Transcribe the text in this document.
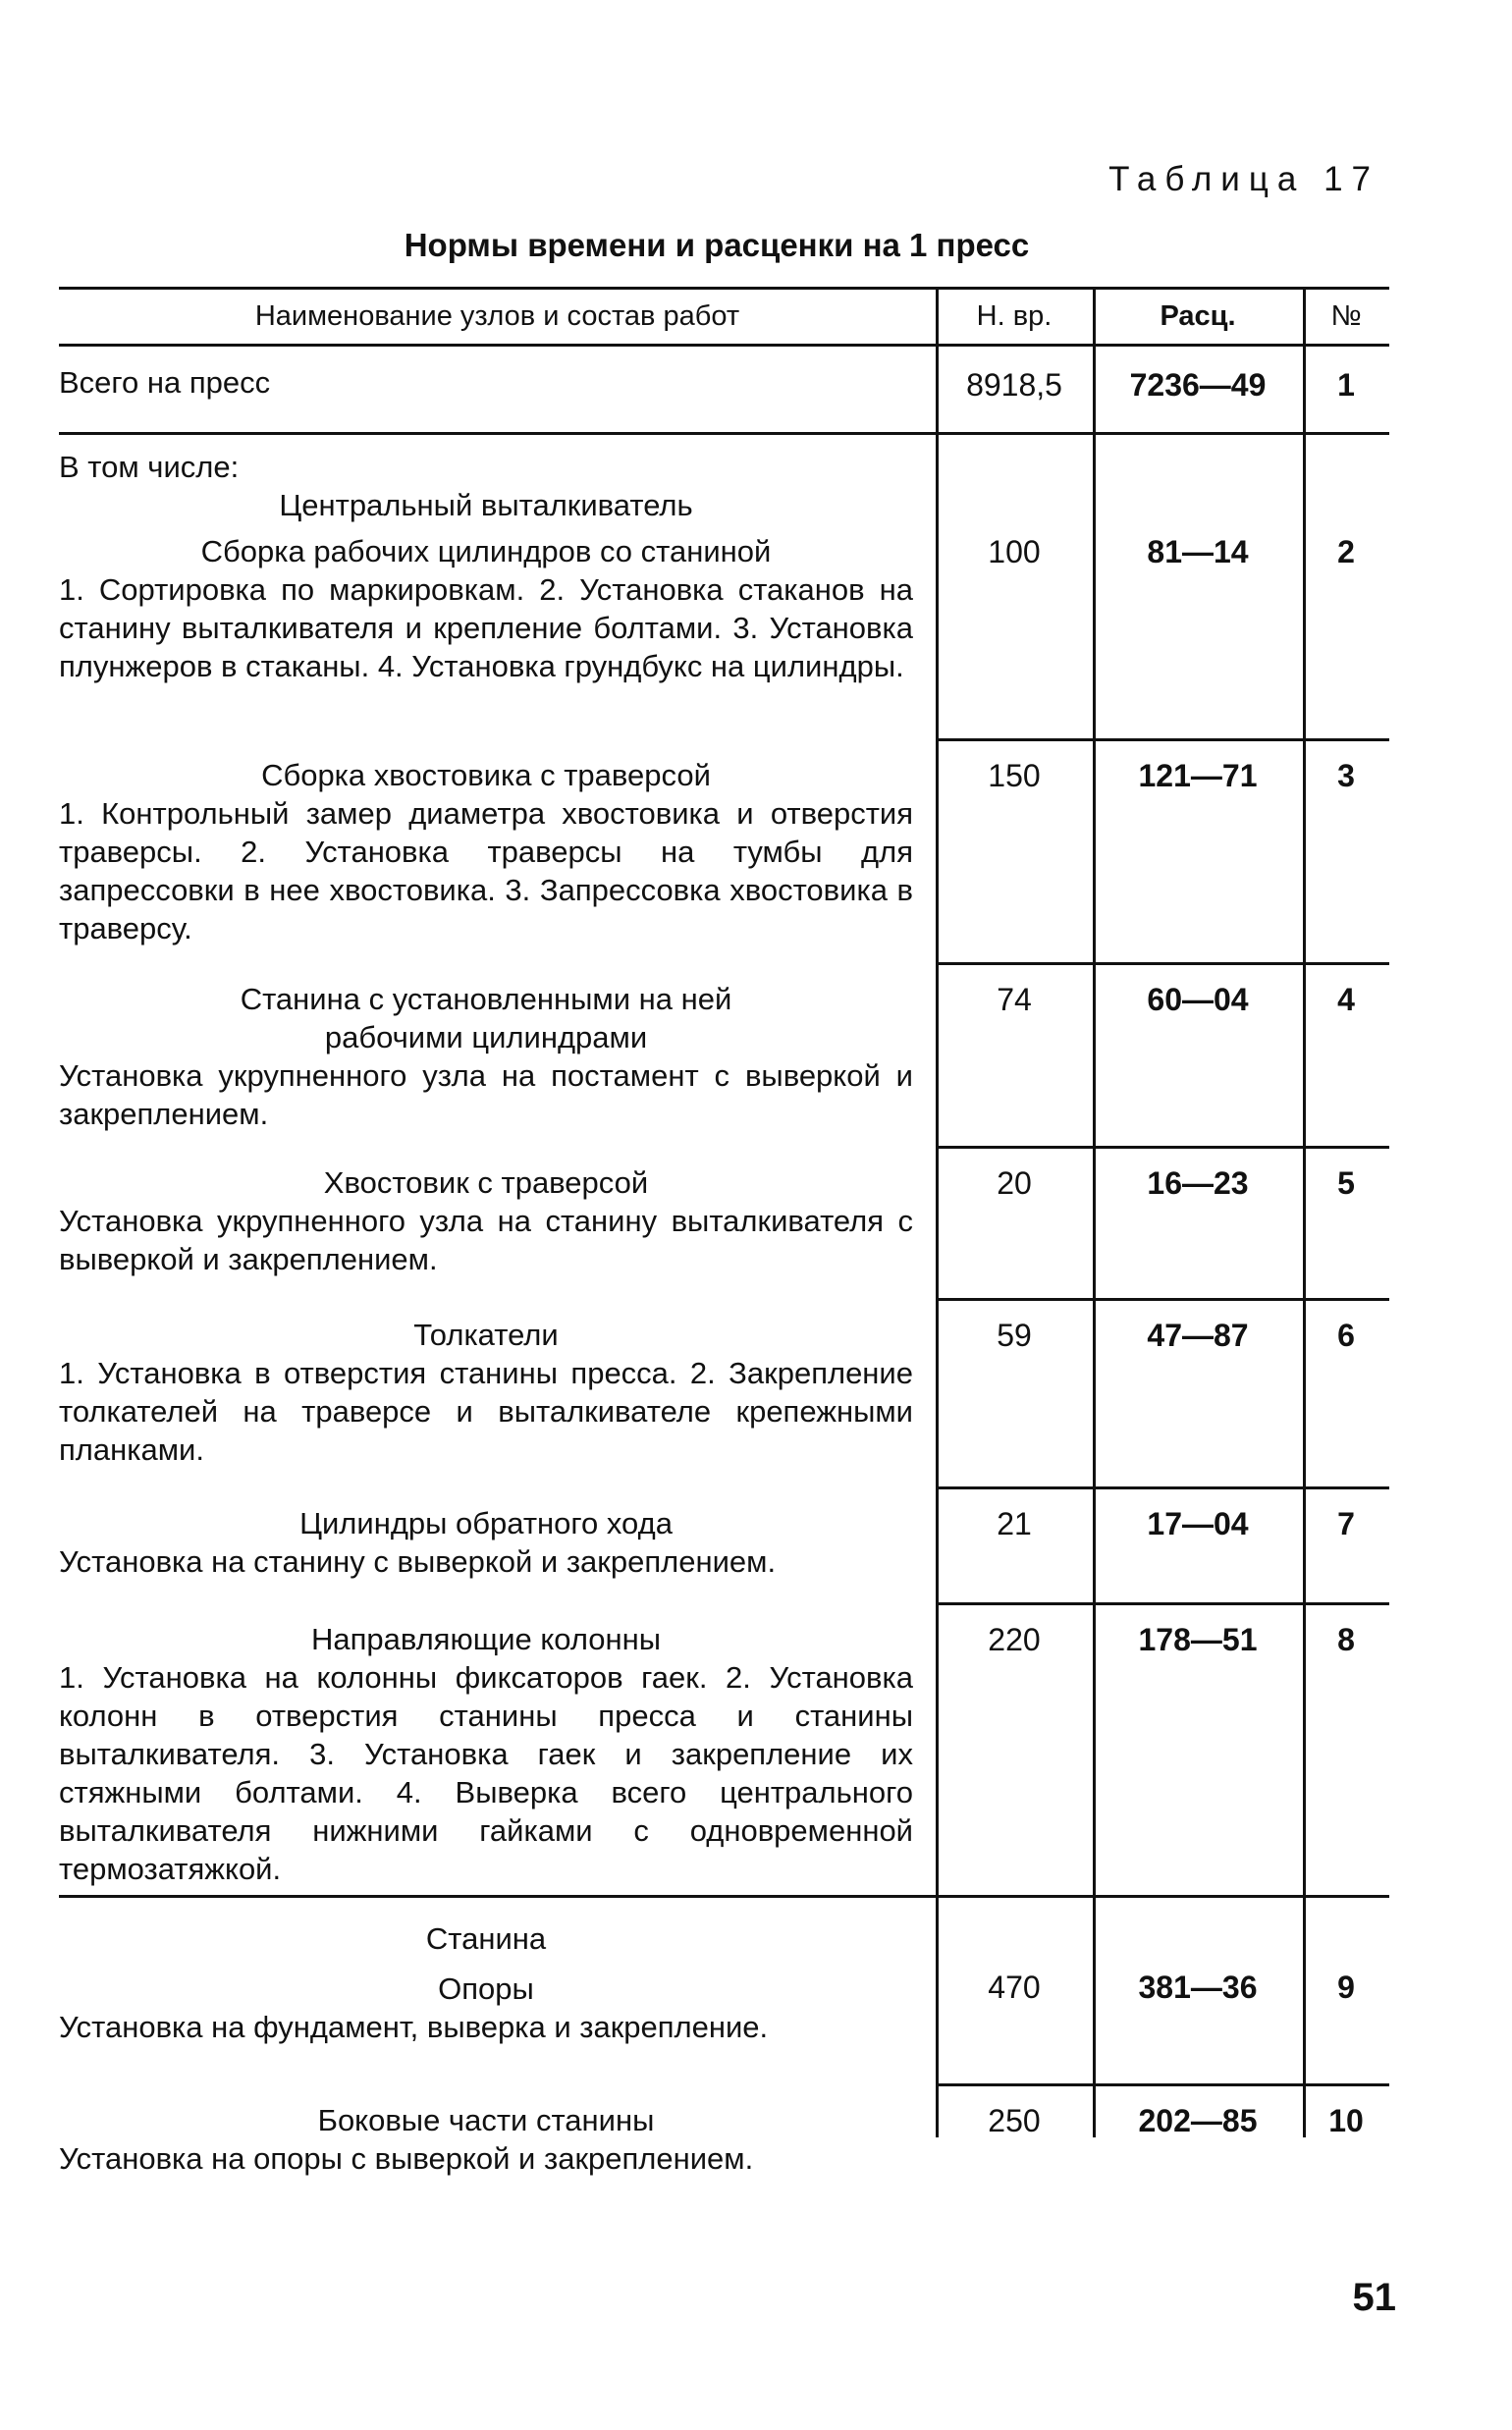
Таблица 17
Нормы времени и расценки на 1 пресс
Наименование узлов и состав работ	Н. вр.	Расц.	№

Всего на пресс	8918,5	7236—49	1

В том числе:

Центральный выталкиватель

Сборка рабочих цилиндров со станиной

1. Сортировка по маркировкам. 2. Установка стаканов на станину выталкивателя и крепление болтами. 3. Установка плунжеров в стаканы. 4. Установка грундбукс на цилиндры.

100	81—14	2

Сборка хвостовика с траверсой

1. Контрольный замер диаметра хвостовика и отверстия траверсы. 2. Установка траверсы на тумбы для запрессовки в нее хвостовика. 3. Запрессовка хвостовика в траверсу.

150	121—71	3

Станина с установленными на ней рабочими цилиндрами

Установка укрупненного узла на постамент с выверкой и закреплением.

74	60—04	4

Хвостовик с траверсой

Установка укрупненного узла на станину выталкивателя с выверкой и закреплением.

20	16—23	5

Толкатели

1. Установка в отверстия станины пресса. 2. Закрепление толкателей на траверсе и выталкивателе крепежными планками.

59	47—87	6

Цилиндры обратного хода

Установка на станину с выверкой и закреплением.

21	17—04	7

Направляющие колонны

1. Установка на колонны фиксаторов гаек. 2. Установка колонн в отверстия станины пресса и станины выталкивателя. 3. Установка гаек и закрепление их стяжными болтами. 4. Выверка всего центрального выталкивателя нижними гайками с одновременной термозатяжкой.

220	178—51	8

Станина

Опоры

Установка на фундамент, выверка и закрепление.

470	381—36	9

Боковые части станины

Установка на опоры с выверкой и закреплением.

250	202—85	10
51
